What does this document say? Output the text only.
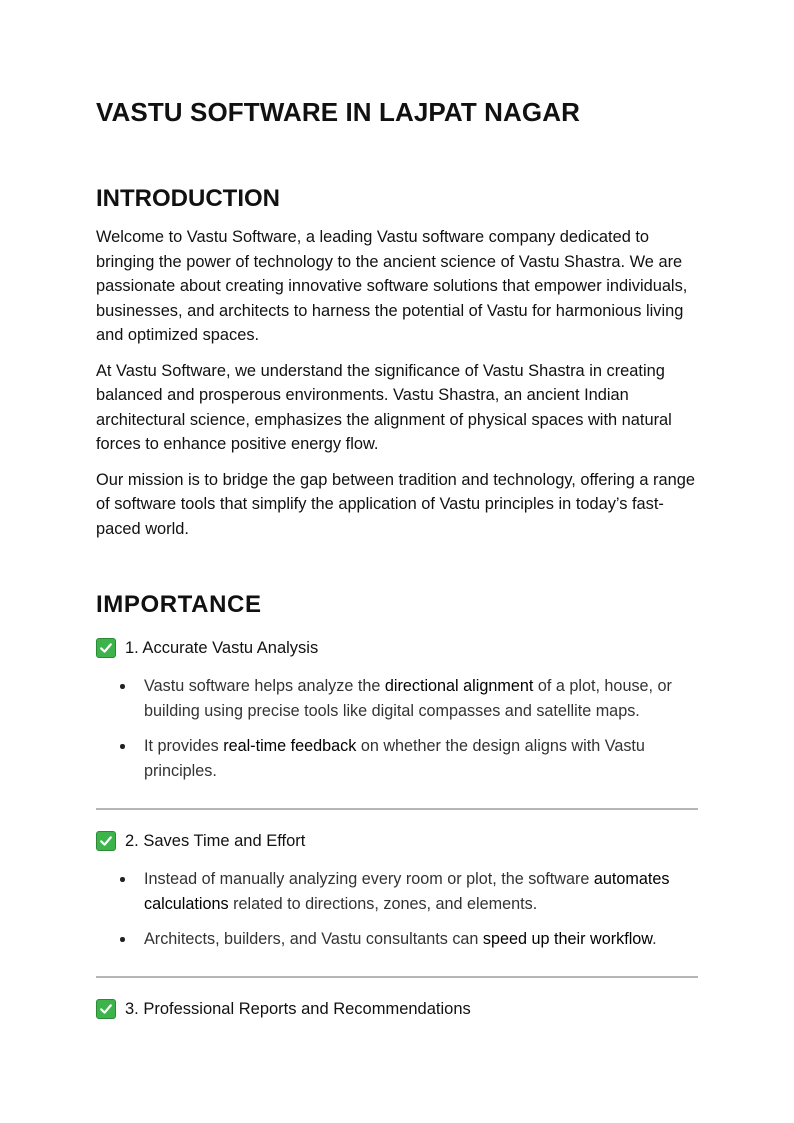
VASTU SOFTWARE IN LAJPAT NAGAR
INTRODUCTION

Welcome to Vastu Software, a leading Vastu software company dedicated to bringing the power of technology to the ancient science of Vastu Shastra. We are passionate about creating innovative software solutions that empower individuals, businesses, and architects to harness the potential of Vastu for harmonious living and optimized spaces.

At Vastu Software, we understand the significance of Vastu Shastra in creating balanced and prosperous environments. Vastu Shastra, an ancient Indian architectural science, emphasizes the alignment of physical spaces with natural forces to enhance positive energy flow.

Our mission is to bridge the gap between tradition and technology, offering a range of software tools that simplify the application of Vastu principles in today’s fast-paced world.

IMPORTANCE
1. Accurate Vastu Analysis
Vastu software helps analyze the directional alignment of a plot, house, or building using precise tools like digital compasses and satellite maps.
It provides real-time feedback on whether the design aligns with Vastu principles.
2. Saves Time and Effort
Instead of manually analyzing every room or plot, the software automates calculations related to directions, zones, and elements.
Architects, builders, and Vastu consultants can speed up their workflow.
3. Professional Reports and Recommendations
